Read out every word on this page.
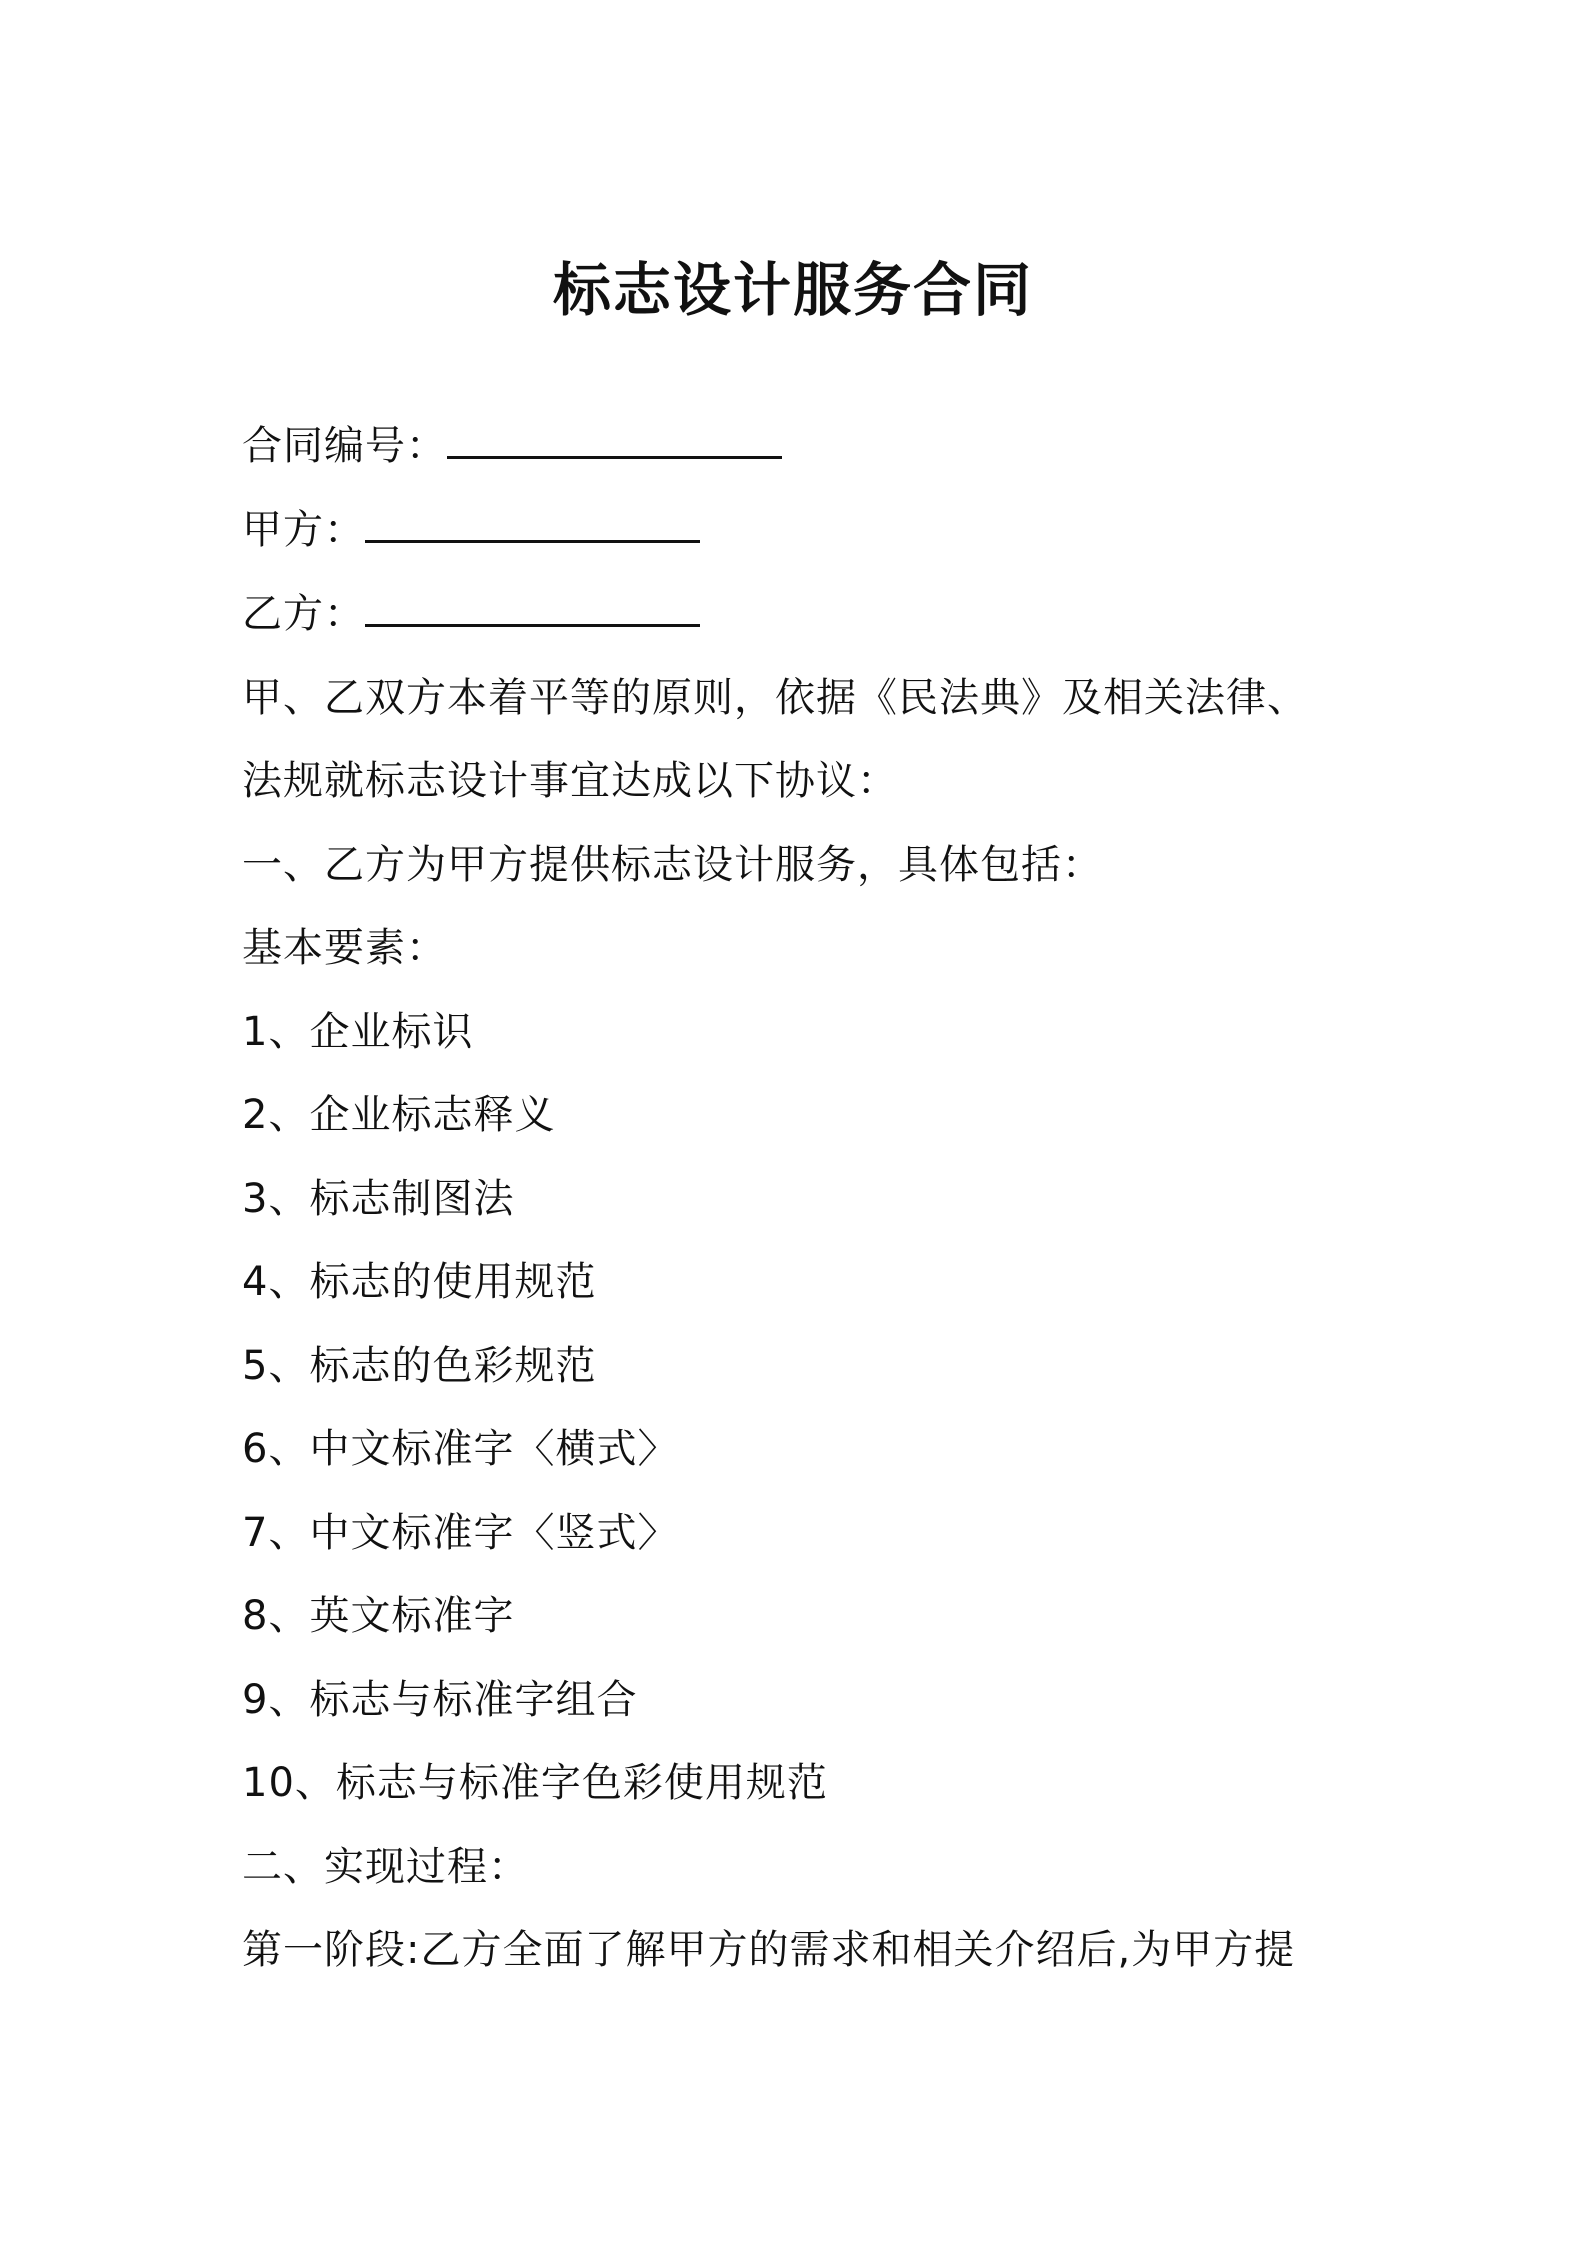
标志设计服务合同
合同编号：
甲方：
乙方：
甲、乙双方本着平等的原则，依据《民法典》及相关法律、
法规就标志设计事宜达成以下协议：
一、乙方为甲方提供标志设计服务，具体包括：
基本要素：
1、企业标识
2、企业标志释义
3、标志制图法
4、标志的使用规范
5、标志的色彩规范
6、中文标准字〈横式〉
7、中文标准字〈竖式〉
8、英文标准字
9、标志与标准字组合
10、标志与标准字色彩使用规范
二、实现过程：
第一阶段:乙方全面了解甲方的需求和相关介绍后,为甲方提
